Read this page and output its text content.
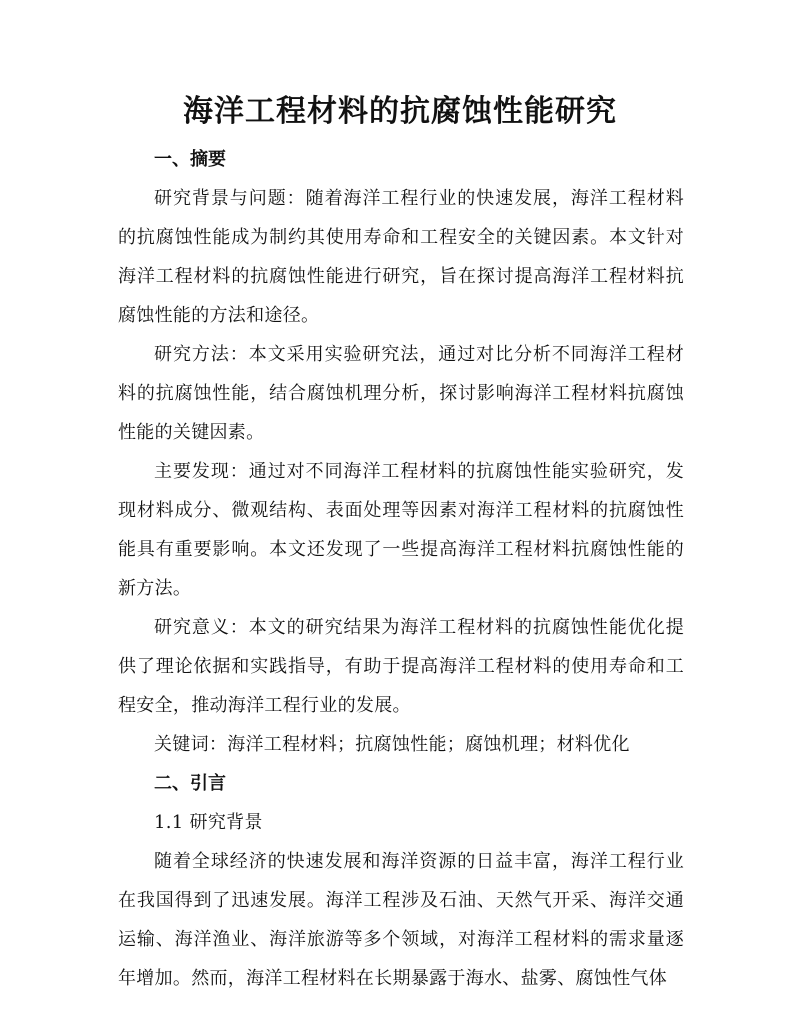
海洋工程材料的抗腐蚀性能研究

一、摘要

研究背景与问题：随着海洋工程行业的快速发展，海洋工程材料的抗腐蚀性能成为制约其使用寿命和工程安全的关键因素。本文针对海洋工程材料的抗腐蚀性能进行研究，旨在探讨提高海洋工程材料抗腐蚀性能的方法和途径。

研究方法：本文采用实验研究法，通过对比分析不同海洋工程材料的抗腐蚀性能，结合腐蚀机理分析，探讨影响海洋工程材料抗腐蚀性能的关键因素。

主要发现：通过对不同海洋工程材料的抗腐蚀性能实验研究，发现材料成分、微观结构、表面处理等因素对海洋工程材料的抗腐蚀性能具有重要影响。本文还发现了一些提高海洋工程材料抗腐蚀性能的新方法。

研究意义：本文的研究结果为海洋工程材料的抗腐蚀性能优化提供了理论依据和实践指导，有助于提高海洋工程材料的使用寿命和工程安全，推动海洋工程行业的发展。

关键词：海洋工程材料；抗腐蚀性能；腐蚀机理；材料优化

二、引言

1.1 研究背景

随着全球经济的快速发展和海洋资源的日益丰富，海洋工程行业在我国得到了迅速发展。海洋工程涉及石油、天然气开采、海洋交通运输、海洋渔业、海洋旅游等多个领域，对海洋工程材料的需求量逐年增加。然而，海洋工程材料在长期暴露于海水、盐雾、腐蚀性气体
